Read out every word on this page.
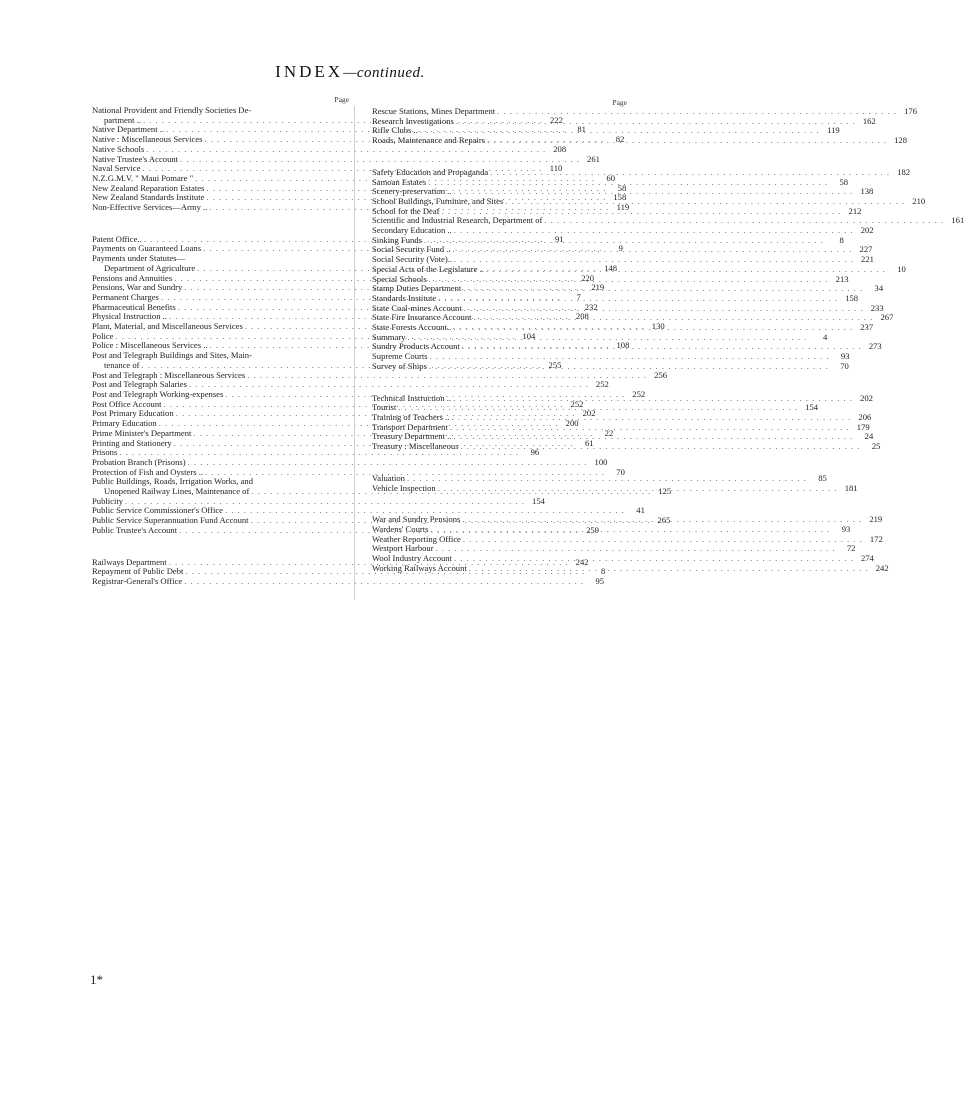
INDEX—continued.
Page
National Provident and Friendly Societies De-
partment .. . . .	222
Native Department .. . . .	81
Native : Miscellaneous Services . . .	82
Native Schools . . .	208
Native Trustee's Account . . .	261
Naval Service . . .	110
N.Z.G.M.V. " Maui Pomare " . . .	60
New Zealand Reparation Estates . . .	58
New Zealand Standards Institute . . .	158
Non-Effective Services—Army .. . . .	119
Patent Office.. . . .	91
Payments on Guaranteed Loans . . .	9
Payments under Statutes—
Department of Agriculture . . .	148
Pensions and Annuities . . .	220
Pensions, War and Sundry . . .	219
Permanent Charges . . .	7
Pharmaceutical Benefits . . .	232
Physical Instruction .. . . .	208
Plant, Material, and Miscellaneous Services . . .	130
Police . . .	104
Police : Miscellaneous Services .. . . .	108
Post and Telegraph Buildings and Sites, Main-
tenance of . . .	255
Post and Telegraph : Miscellaneous Services . . .	256
Post and Telegraph Salaries . . .	252
Post and Telegraph Working-expenses . . .	252
Post Office Account . . .	252
Post Primary Education . . .	202
Primary Education . . .	200
Prime Minister's Department . . .	22
Printing and Stationery . . .	61
Prisons . . .	96
Probation Branch (Prisons) . . .	100
Protection of Fish and Oysters .. . . .	70
Public Buildings, Roads, Irrigation Works, and
Unopened Railway Lines, Maintenance of . . .	125
Publicity . . .	154
Public Service Commissioner's Office . . .	41
Public Service Superannuation Fund Account . . .	265
Public Trustee's Account . . .	259
Railways Department . . .	242
Repayment of Public Debt . . .	8
Registrar-General's Office . . .	95
Page
Rescue Stations, Mines Department . . .	176
Research Investigations . . .	162
Rifle Clubs .. . . .	119
Roads, Maintenance and Repairs . . .	128
Safety Education and Propaganda . . .	182
Samoan Estates . . .	58
Scenery-preservation .. . . .	138
School Buildings, Furniture, and Sites . . .	210
School for the Deaf . . .	212
Scientific and Industrial Research, Department of . . .	161
Secondary Education .. . . .	202
Sinking Funds . . .	8
Social Security Fund .. . . .	227
Social Security (Vote).. . . .	221
Special Acts of the Legislature .. . . .	10
Special Schools . . .	213
Stamp Duties Department . . .	34
Standards Institute . . .	158
State Coal-mines Account . . .	233
State Fire Insurance Account . . .	267
State Forests Account.. . . .	237
Summary . . .	4
Sundry Products Account . . .	273
Supreme Courts . . .	93
Survey of Ships . . .	70
Technical Instruction .. . . .	202
Tourist . . .	154
Training of Teachers .. . . .	206
Transport Department . . .	179
Treasury Department .. . . .	24
Treasury : Miscellaneous . . .	25
Valuation . . .	85
Vehicle Inspection . . .	181
War and Sundry Pensions . . .	219
Wardens' Courts . . .	93
Weather Reporting Office . . .	172
Westport Harbour . . .	72
Wool Industry Account . . .	274
Working Railways Account . . .	242
1*
